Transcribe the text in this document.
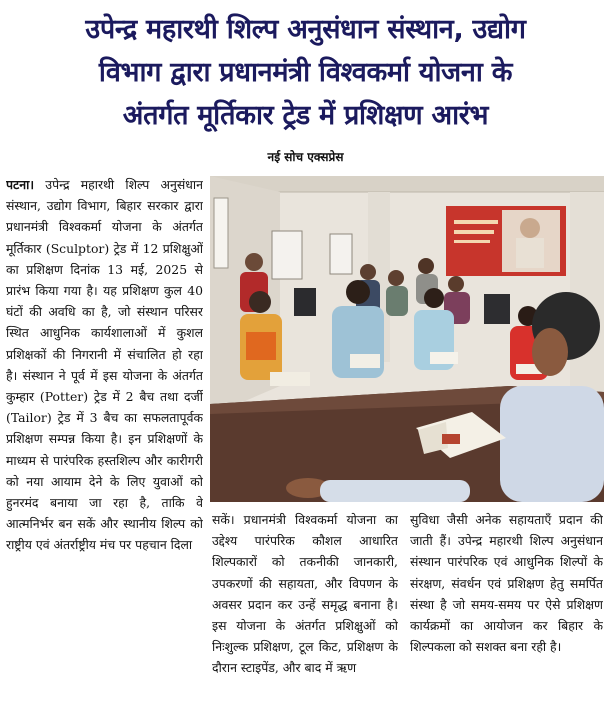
उपेन्द्र महारथी शिल्प अनुसंधान संस्थान, उद्योग
विभाग द्वारा प्रधानमंत्री विश्वकर्मा योजना के
अंतर्गत मूर्तिकार ट्रेड में प्रशिक्षण आरंभ
नई सोच एक्सप्रेस

पटना। उपेन्द्र महारथी शिल्प अनुसंधान संस्थान, उद्योग विभाग, बिहार सरकार द्वारा प्रधानमंत्री विश्वकर्मा योजना के अंतर्गत मूर्तिकार (Sculptor) ट्रेड में 12 प्रशिक्षुओं का प्रशिक्षण दिनांक 13 मई, 2025 से प्रारंभ किया गया है। यह प्रशिक्षण कुल 40 घंटों की अवधि का है, जो संस्थान परिसर स्थित आधुनिक कार्यशालाओं में कुशल प्रशिक्षकों की निगरानी में संचालित हो रहा है। संस्थान ने पूर्व में इस योजना के अंतर्गत कुम्हार (Potter) ट्रेड में 2 बैच तथा दर्जी (Tailor) ट्रेड में 3 बैच का सफलतापूर्वक प्रशिक्षण सम्पन्न किया है। इन प्रशिक्षणों के माध्यम से पारंपरिक हस्तशिल्प और कारीगरी को नया आयाम देने के लिए युवाओं को हुनरमंद बनाया जा रहा है, ताकि वे आत्मनिर्भर बन सकें और स्थानीय शिल्प को राष्ट्रीय एवं अंतर्राष्ट्रीय मंच पर पहचान दिला

सकें। प्रधानमंत्री विश्वकर्मा योजना का उद्देश्य पारंपरिक कौशल आधारित शिल्पकारों को तकनीकी जानकारी, उपकरणों की सहायता, और विपणन के अवसर प्रदान कर उन्हें समृद्ध बनाना है। इस योजना के अंतर्गत प्रशिक्षुओं को निःशुल्क प्रशिक्षण, टूल किट, प्रशिक्षण के दौरान स्टाइपेंड, और बाद में ऋण

सुविधा जैसी अनेक सहायताएँ प्रदान की जाती हैं। उपेन्द्र महारथी शिल्प अनुसंधान संस्थान पारंपरिक एवं आधुनिक शिल्पों के संरक्षण, संवर्धन एवं प्रशिक्षण हेतु समर्पित संस्था है जो समय-समय पर ऐसे प्रशिक्षण कार्यक्रमों का आयोजन कर बिहार के शिल्पकला को सशक्त बना रही है।
